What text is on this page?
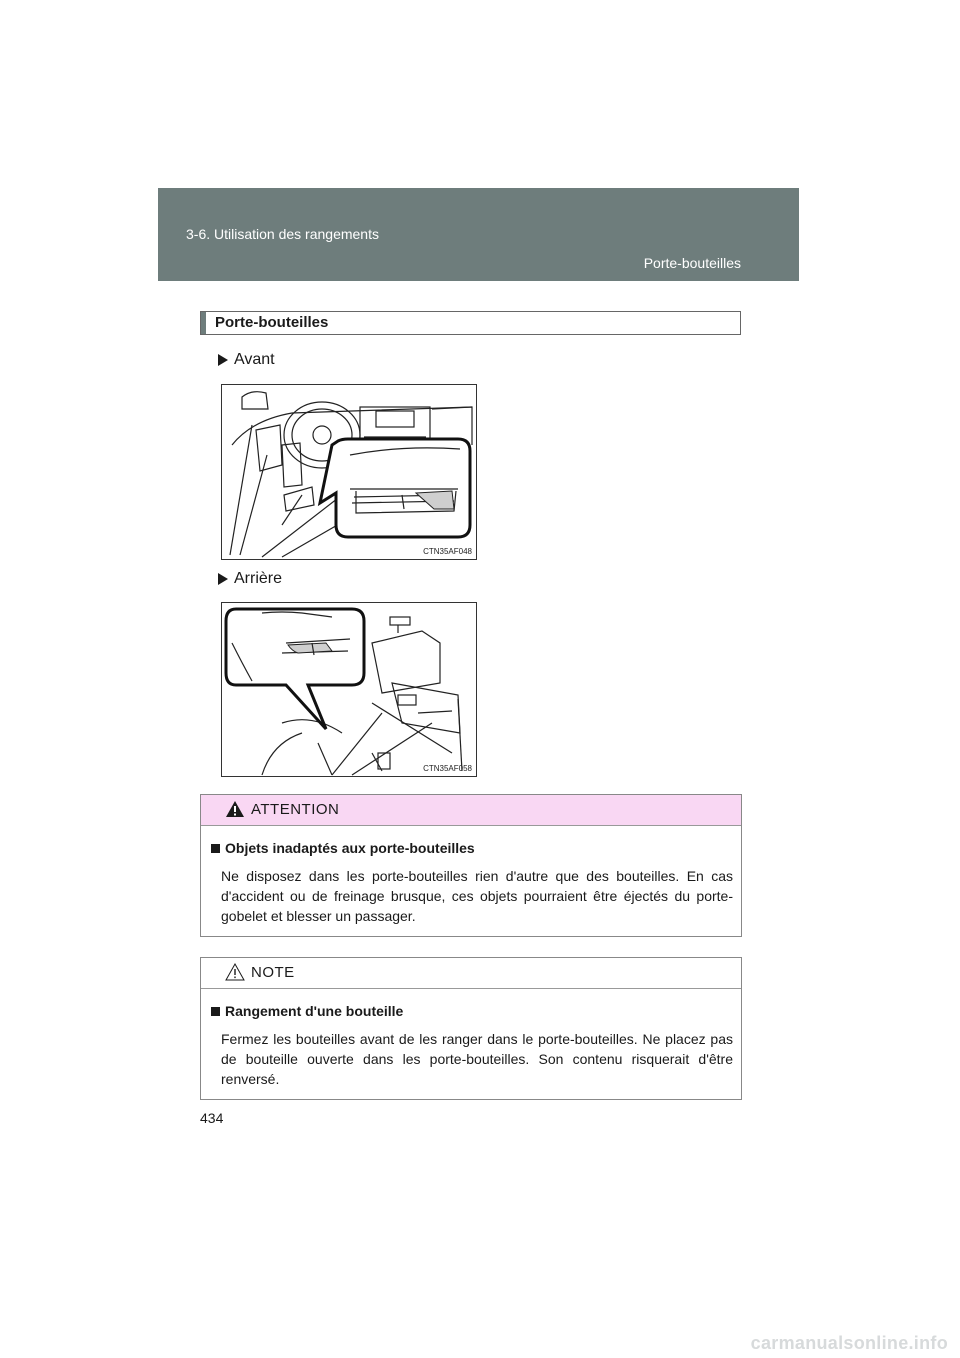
3-6. Utilisation des rangements
Porte-bouteilles
Porte-bouteilles
Avant
CTN35AF048
Arrière
CTN35AF058
ATTENTION
Objets inadaptés aux porte-bouteilles
Ne disposez dans les porte-bouteilles rien d'autre que des bouteilles. En cas d'accident ou de freinage brusque, ces objets pourraient être éjectés du porte-gobelet et blesser un passager.
NOTE
Rangement d'une bouteille
Fermez les bouteilles avant de les ranger dans le porte-bouteilles. Ne placez pas de bouteille ouverte dans les porte-bouteilles. Son contenu risquerait d'être renversé.
434
carmanualsonline.info
